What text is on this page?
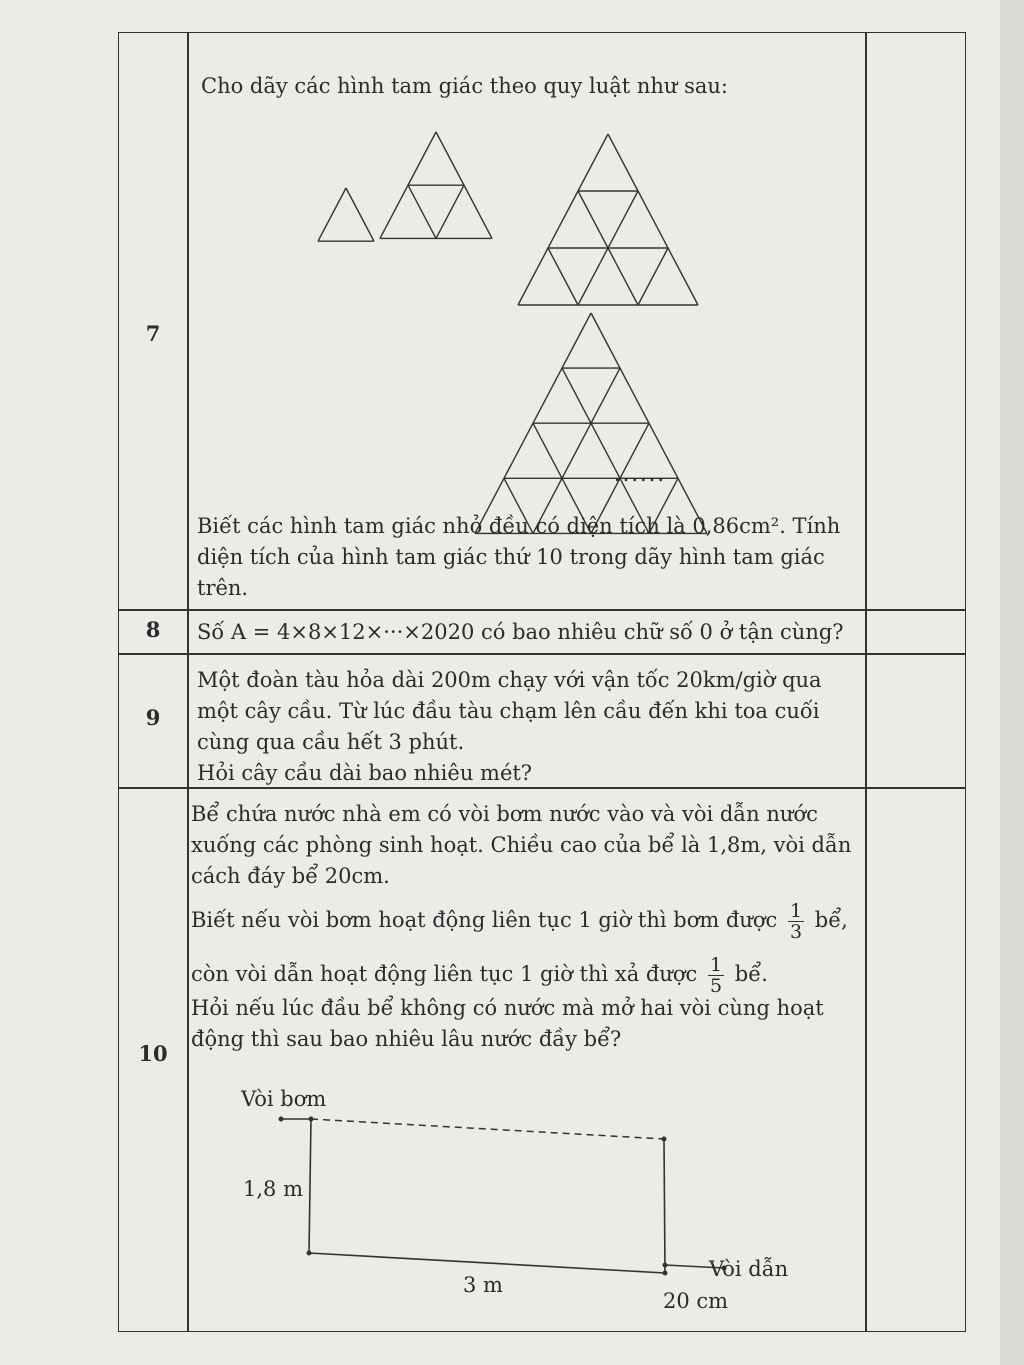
7
Cho dãy các hình tam giác theo quy luật như sau:
......
Biết các hình tam giác nhỏ đều có diện tích là 0,86cm². Tính diện tích của hình tam giác thứ 10 trong dãy hình tam giác trên.
8	Số A = 4×8×12×···×2020 có bao nhiêu chữ số 0 ở tận cùng?
9
Một đoàn tàu hỏa dài 200m chạy với vận tốc 20km/giờ qua một cây cầu. Từ lúc đầu tàu chạm lên cầu đến khi toa cuối cùng qua cầu hết 3 phút.
Hỏi cây cầu dài bao nhiêu mét?
10
Bể chứa nước nhà em có vòi bơm nước vào và vòi dẫn nước xuống các phòng sinh hoạt. Chiều cao của bể là 1,8m, vòi dẫn cách đáy bể 20cm.
Biết nếu vòi bơm hoạt động liên tục 1 giờ thì bơm được $\frac{1}{3}$ bể,
còn vòi dẫn hoạt động liên tục 1 giờ thì xả được $\frac{1}{5}$ bể.
Hỏi nếu lúc đầu bể không có nước mà mở hai vòi cùng hoạt động thì sau bao nhiêu lâu nước đầy bể?
Vòi bơm
1,8 m
3 m
Vòi dẫn
20 cm
